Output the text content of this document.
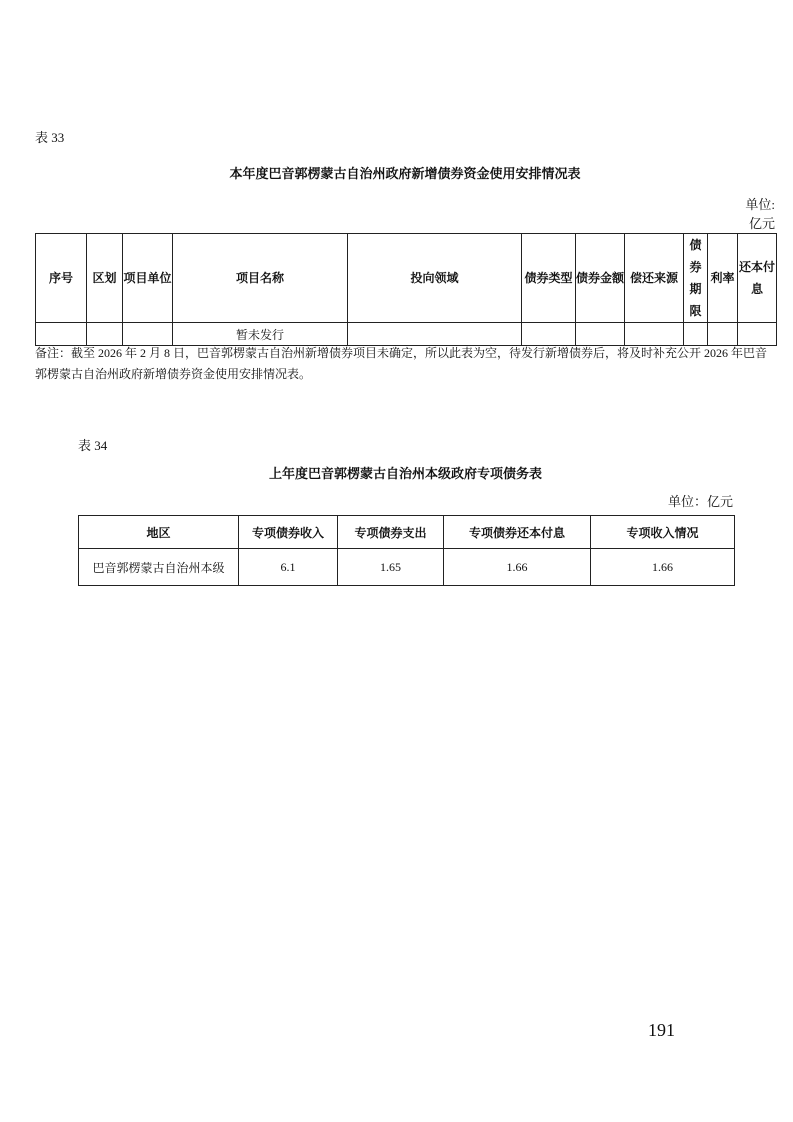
表 33
本年度巴音郭楞蒙古自治州政府新增债券资金使用安排情况表
单位:
亿元
序号	区划	项目单位	项目名称	投向领域	债券类型	债券金额	偿还来源	债券期限	利率	还本付息
			暂未发行							
备注：截至 2026 年 2 月 8 日，巴音郭楞蒙古自治州新增债券项目未确定，所以此表为空，待发行新增债券后，将及时补充公开 2026 年巴音郭楞蒙古自治州政府新增债券资金使用安排情况表。
表 34
上年度巴音郭楞蒙古自治州本级政府专项债务表
单位：亿元
地区	专项债券收入	专项债券支出	专项债券还本付息	专项收入情况
巴音郭楞蒙古自治州本级	6.1	1.65	1.66	1.66
191
